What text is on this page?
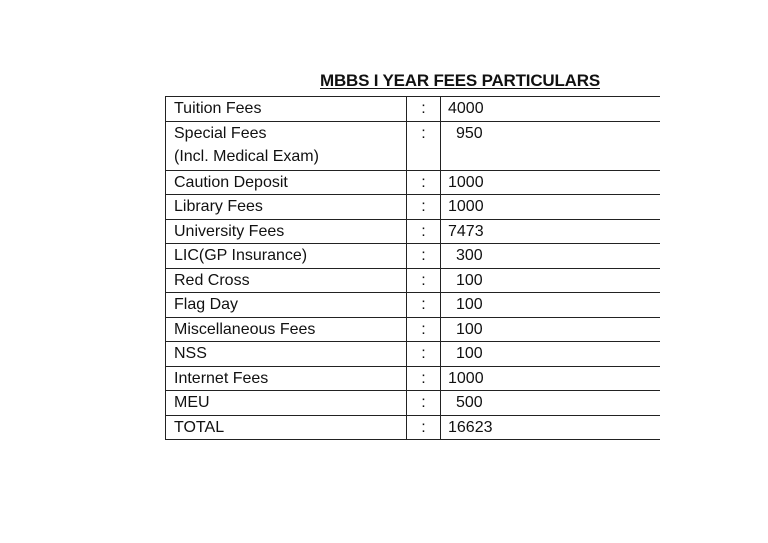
MBBS I YEAR FEES PARTICULARS
Tuition Fees	:	4000

Special Fees
(Incl. Medical Exam)	:	950
Caution Deposit	:	1000
Library Fees	:	1000
University Fees	:	7473
LIC(GP Insurance)	:	300
Red Cross	:	100
Flag Day	:	100
Miscellaneous Fees	:	100
NSS	:	100
Internet Fees	:	1000
MEU	:	500
TOTAL	:	16623
